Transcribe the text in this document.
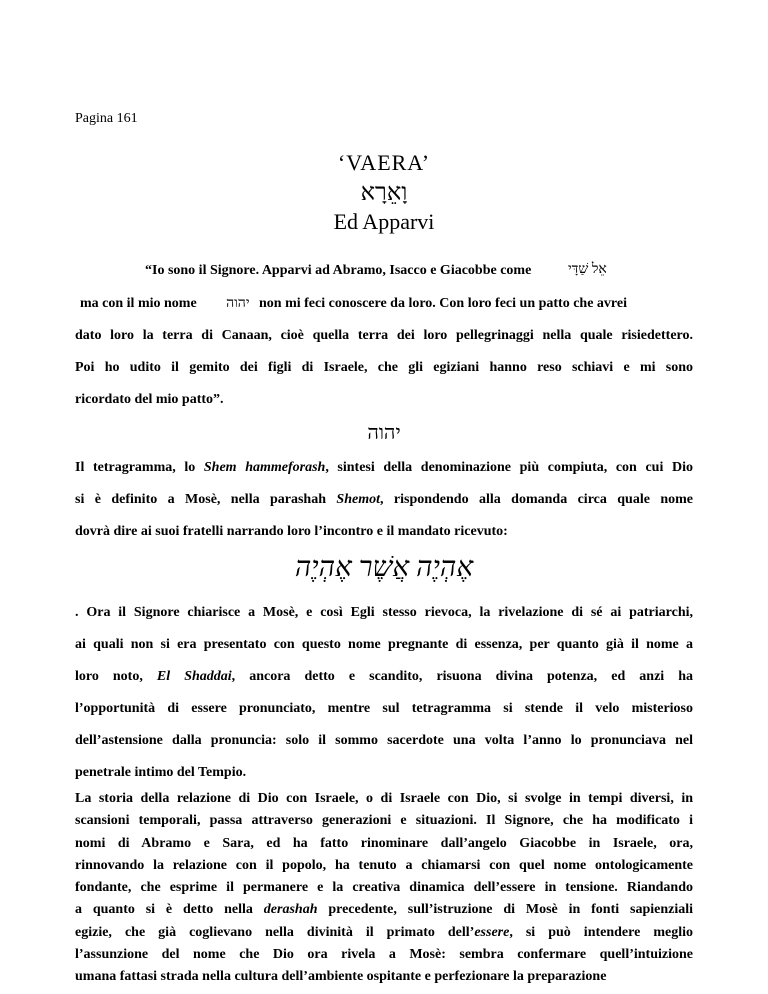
Pagina 161
‘VAERA’
וָאֵרָא
Ed Apparvi
“Io sono il Signore. Apparvi ad Abramo, Isacco e Giacobbe come	אֵל שַׁדָּי
ma con il mio nome יהוה non mi feci conoscere da loro. Con loro feci un patto che avrei
dato loro la terra di Canaan, cioè quella terra dei loro pellegrinaggi nella quale risiedettero.
Poi ho udito il gemito dei figli di Israele, che gli egiziani hanno reso schiavi e mi sono
ricordato del mio patto”.
יהוה
Il tetragramma, lo Shem hammeforash, sintesi della denominazione più compiuta, con cui Dio
si è definito a Mosè, nella parashah Shemot, rispondendo alla domanda circa quale nome
dovrà dire ai suoi fratelli narrando loro l’incontro e il mandato ricevuto:
אֶהְיֶה אֲשֶׁר אֶהְיֶה
. Ora il Signore chiarisce a Mosè, e così Egli stesso rievoca, la rivelazione di sé ai patriarchi,
ai quali non si era presentato con questo nome pregnante di essenza, per quanto già il nome a
loro noto, El Shaddai, ancora detto e scandito, risuona divina potenza, ed anzi ha
l’opportunità di essere pronunciato, mentre sul tetragramma si stende il velo misterioso
dell’astensione dalla pronuncia: solo il sommo sacerdote una volta l’anno lo pronunciava nel
penetrale intimo del Tempio.
La storia della relazione di Dio con Israele, o di Israele con Dio, si svolge in tempi diversi, in
scansioni temporali, passa attraverso generazioni e situazioni. Il Signore, che ha modificato i
nomi di Abramo e Sara, ed ha fatto rinominare dall’angelo Giacobbe in Israele, ora,
rinnovando la relazione con il popolo, ha tenuto a chiamarsi con quel nome ontologicamente
fondante, che esprime il permanere e la creativa dinamica dell’essere in tensione. Riandando
a quanto si è detto nella derashah precedente, sull’istruzione di Mosè in fonti sapienziali
egizie, che già coglievano nella divinità il primato dell’essere, si può intendere meglio
l’assunzione del nome che Dio ora rivela a Mosè: sembra confermare quell’intuizione
umana fattasi strada nella cultura dell’ambiente ospitante e perfezionare la preparazione
